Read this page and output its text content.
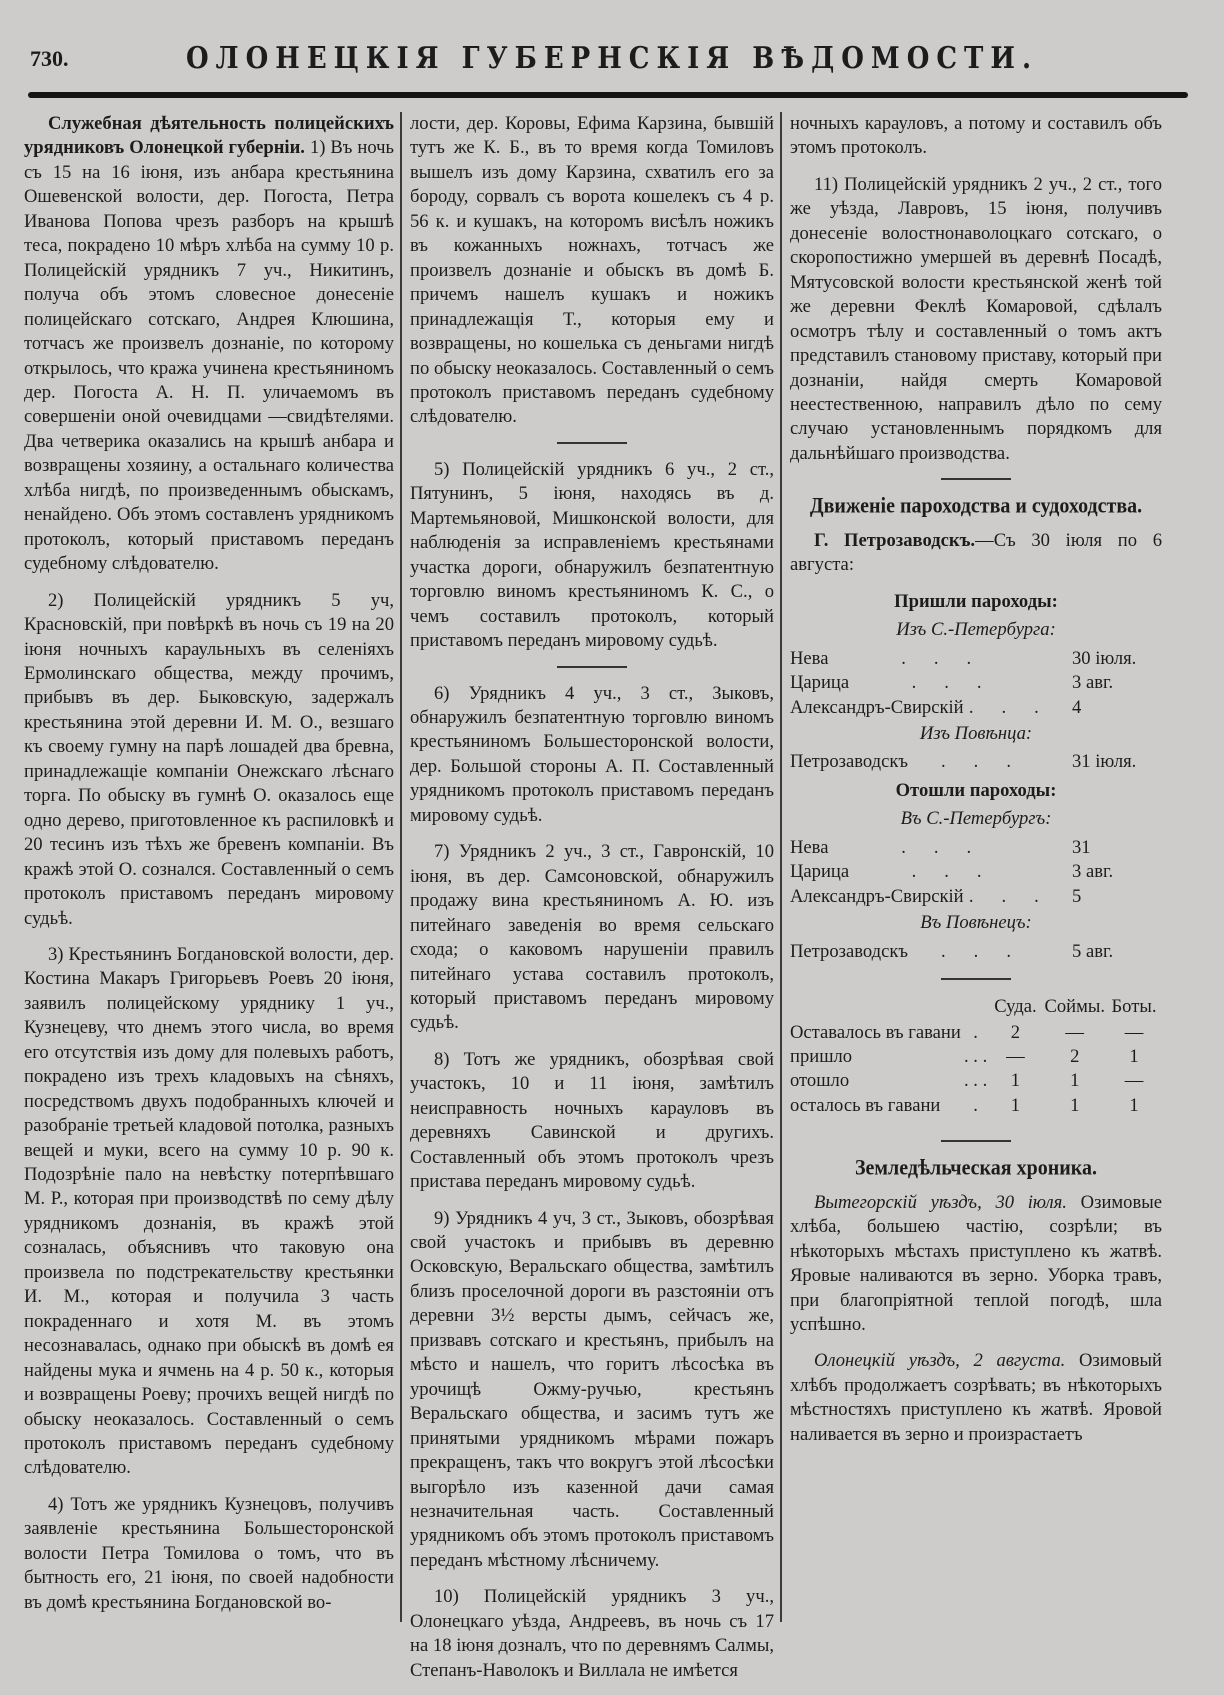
730.	ОЛОНЕЦКІЯ ГУБЕРНСКІЯ ВѢДОМОСТИ.

Служебная дѣятельность полицейскихъ урядниковъ Олонецкой губерніи. 1) Въ ночь съ 15 на 16 іюня, изъ анбара крестьянина Ошевенской волости, дер. Погоста, Петра Иванова Попова чрезъ разборъ на крышѣ теса, покрадено 10 мѣръ хлѣба на сумму 10 р. Полицейскій урядникъ 7 уч., Никитинъ, получа объ этомъ словесное донесеніе полицейскаго сотскаго, Андрея Клюшина, тотчасъ же произвелъ дознаніе, по которому открылось, что кража учинена крестьяниномъ дер. Погоста А. Н. П. уличаемомъ въ совершеніи оной очевидцами —свидѣтелями. Два четверика оказались на крышѣ анбара и возвращены хозяину, а остальнаго количества хлѣба нигдѣ, по произведеннымъ обыскамъ, ненайдено. Объ этомъ составленъ урядникомъ протоколъ, который приставомъ переданъ судебному слѣдователю.

2) Полицейскій урядникъ 5 уч, Красновскій, при повѣркѣ въ ночь съ 19 на 20 іюня ночныхъ караульныхъ въ селеніяхъ Ермолинскаго общества, между прочимъ, прибывъ въ дер. Быковскую, задержалъ крестьянина этой деревни И. М. О., везшаго къ своему гумну на парѣ лошадей два бревна, принадлежащіе компаніи Онежскаго лѣснаго торга. По обыску въ гумнѣ О. оказалось еще одно дерево, приготовленное къ распиловкѣ и 20 тесинъ изъ тѣхъ же бревенъ компаніи. Въ кражѣ этой О. сознался. Составленный о семъ протоколъ приставомъ переданъ мировому судьѣ.

3) Крестьянинъ Богдановской волости, дер. Костина Макаръ Григорьевъ Роевъ 20 іюня, заявилъ полицейскому уряднику 1 уч., Кузнецеву, что днемъ этого числа, во время его отсутствія изъ дому для полевыхъ работъ, покрадено изъ трехъ кладовыхъ на сѣняхъ, посредствомъ двухъ подобранныхъ ключей и разобраніе третьей кладовой потолка, разныхъ вещей и муки, всего на сумму 10 р. 90 к. Подозрѣніе пало на невѣстку потерпѣвшаго М. Р., которая при производствѣ по сему дѣлу урядникомъ дознанія, въ кражѣ этой созналась, объяснивъ что таковую она произвела по подстрекательству крестьянки И. М., которая и получила 3 часть покраденнаго и хотя М. въ этомъ несознавалась, однако при обыскѣ въ домѣ ея найдены мука и ячмень на 4 р. 50 к., которыя и возвращены Роеву; прочихъ вещей нигдѣ по обыску неоказалось. Составленный о семъ протоколъ приставомъ переданъ судебному слѣдователю.

4) Тотъ же урядникъ Кузнецовъ, получивъ заявленіе крестьянина Большесторонской волости Петра Томилова о томъ, что въ бытность его, 21 іюня, по своей надобности въ домѣ крестьянина Богдановской во-

лости, дер. Коровы, Ефима Карзина, бывшій тутъ же К. Б., въ то время когда Томиловъ вышелъ изъ дому Карзина, схватилъ его за бороду, сорвалъ съ ворота кошелекъ съ 4 р. 56 к. и кушакъ, на которомъ висѣлъ ножикъ въ кожанныхъ ножнахъ, тотчасъ же произвелъ дознаніе и обыскъ въ домѣ Б. причемъ нашелъ кушакъ и ножикъ принадлежащія Т., которыя ему и возвращены, но кошелька съ деньгами нигдѣ по обыску неоказалось. Составленный о семъ протоколъ приставомъ переданъ судебному слѣдователю.

5) Полицейскій урядникъ 6 уч., 2 ст., Пятунинъ, 5 іюня, находясь въ д. Мартемьяновой, Мишконской волости, для наблюденія за исправленіемъ крестьянами участка дороги, обнаружилъ безпатентную торговлю виномъ крестьяниномъ К. С., о чемъ составилъ протоколъ, который приставомъ переданъ мировому судьѣ.

6) Урядникъ 4 уч., 3 ст., Зыковъ, обнаружилъ безпатентную торговлю виномъ крестьяниномъ Большесторонской волости, дер. Большой стороны А. П. Составленный урядникомъ протоколъ приставомъ переданъ мировому судьѣ.

7) Урядникъ 2 уч., 3 ст., Гавронскій, 10 іюня, въ дер. Самсоновской, обнаружилъ продажу вина крестьяниномъ А. Ю. изъ питейнаго заведенія во время сельскаго схода; о каковомъ нарушеніи правилъ питейнаго устава составилъ протоколъ, который приставомъ переданъ мировому судьѣ.

8) Тотъ же урядникъ, обозрѣвая свой участокъ, 10 и 11 іюня, замѣтилъ неисправность ночныхъ карауловъ въ деревняхъ Савинской и другихъ. Составленный объ этомъ протоколъ чрезъ пристава переданъ мировому судьѣ.

9) Урядникъ 4 уч, 3 ст., Зыковъ, обозрѣвая свой участокъ и прибывъ въ деревню Осковскую, Веральскаго общества, замѣтилъ близъ проселочной дороги въ разстояніи отъ деревни 3½ версты дымъ, сейчасъ же, призвавъ сотскаго и крестьянъ, прибылъ на мѣсто и нашелъ, что горитъ лѣсосѣка въ урочищѣ Ожму-ручью, крестьянъ Веральскаго общества, и засимъ тутъ же принятыми урядникомъ мѣрами пожаръ прекращенъ, такъ что вокругъ этой лѣсосѣки выгорѣло изъ казенной дачи самая незначительная часть. Составленный урядникомъ объ этомъ протоколъ приставомъ переданъ мѣстному лѣсничему.

10) Полицейскій урядникъ 3 уч., Олонецкаго уѣзда, Андреевъ, въ ночь съ 17 на 18 іюня дозналъ, что по деревнямъ Салмы, Степанъ-Наволокъ и Виллала не имѣется

ночныхъ карауловъ, а потому и составилъ объ этомъ протоколъ.

11) Полицейскій урядникъ 2 уч., 2 ст., того же уѣзда, Лавровъ, 15 іюня, получивъ донесеніе волостнонаволоцкаго сотскаго, о скоропостижно умершей въ деревнѣ Посадѣ, Мятусовской волости крестьянской женѣ той же деревни Феклѣ Комаровой, сдѣлалъ осмотръ тѣлу и составленный о томъ актъ представилъ становому приставу, который при дознаніи, найдя смерть Комаровой неестественною, направилъ дѣло по сему случаю установленнымъ порядкомъ для дальнѣйшаго производства.

Движеніе пароходства и судоходства.

Г. Петрозаводскъ.—Съ 30 іюля по 6 августа:

Пришли пароходы:
Изъ С.-Петербурга:
Нева	...	30 іюля.
Царица	...	3 авг.
Александръ-Свирскій ... 4
Изъ Повѣнца:
Петрозаводскъ	...	31 іюля.
Отошли пароходы:
Въ С.-Петербургъ:
Нева	...	31
Царица	...	3 авг.
Александръ-Свирскій ... 5
Въ Повѣнецъ:
Петрозаводскъ	...	5 авг.
		Суда.	Соймы.	Боты.
Оставалось въ гавани	.	2	—	—
пришло	. . .	—	2	1
отошло	. . .	1	1	—
осталось въ гавани	.	1	1	1
Земледѣльческая хроника.

Вытегорскій уѣздъ, 30 іюля. Озимовые хлѣба, большею частію, созрѣли; въ нѣкоторыхъ мѣстахъ приступлено къ жатвѣ. Яровые наливаются въ зерно. Уборка травъ, при благопріятной теплой погодѣ, шла успѣшно.

Олонецкій уѣздъ, 2 августа. Озимовый хлѣбъ продолжаетъ созрѣвать; въ нѣкоторыхъ мѣстностяхъ приступлено къ жатвѣ. Яровой наливается въ зерно и произрастаетъ
